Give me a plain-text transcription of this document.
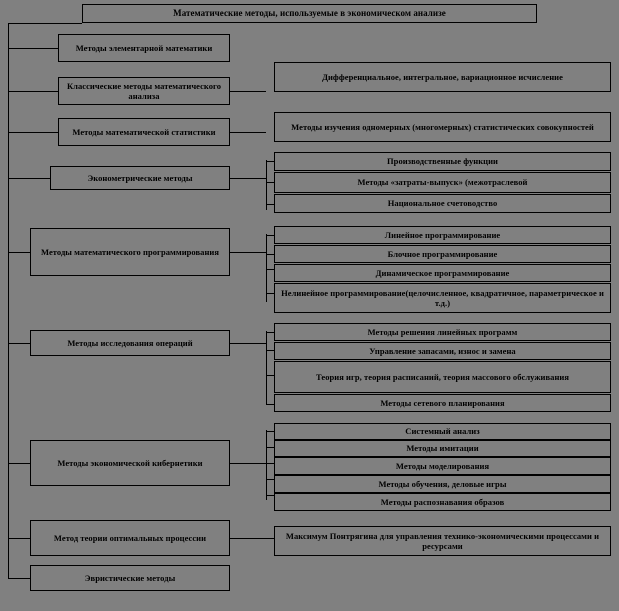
Математические методы, используемые в экономическом анализе
Методы элементарной математики
Классические методы математического анализа
Методы математической статистики
Эконометрические методы
Методы математического программирования
Методы исследования операций
Методы экономической кибернетики
Метод теории оптимальных процессии
Эвристические методы
Дифференциальное, интегральное, вариационное исчисление
Методы изучения одномерных (многомерных) статистических совокупностей
Производственные функции
Методы «затраты-выпуск» (межотраслевой
Национальное счетоводство
Линейное программирование
Блочное программирование
Динамическое программирование
Нелинейное программирование(целочисленное, квадратичное, параметрическое и т.д.)
Методы решения линейных программ
Управление запасами, износ и замена
Теория игр, теория расписаний, теория массового обслуживания
Методы сетевого планирования
Системный анализ
Методы имитации
Методы моделирования
Методы обучения, деловые игры
Методы распознавания образов
Максимум Понтрягина для управления технико-экономическими процессами и ресурсами
